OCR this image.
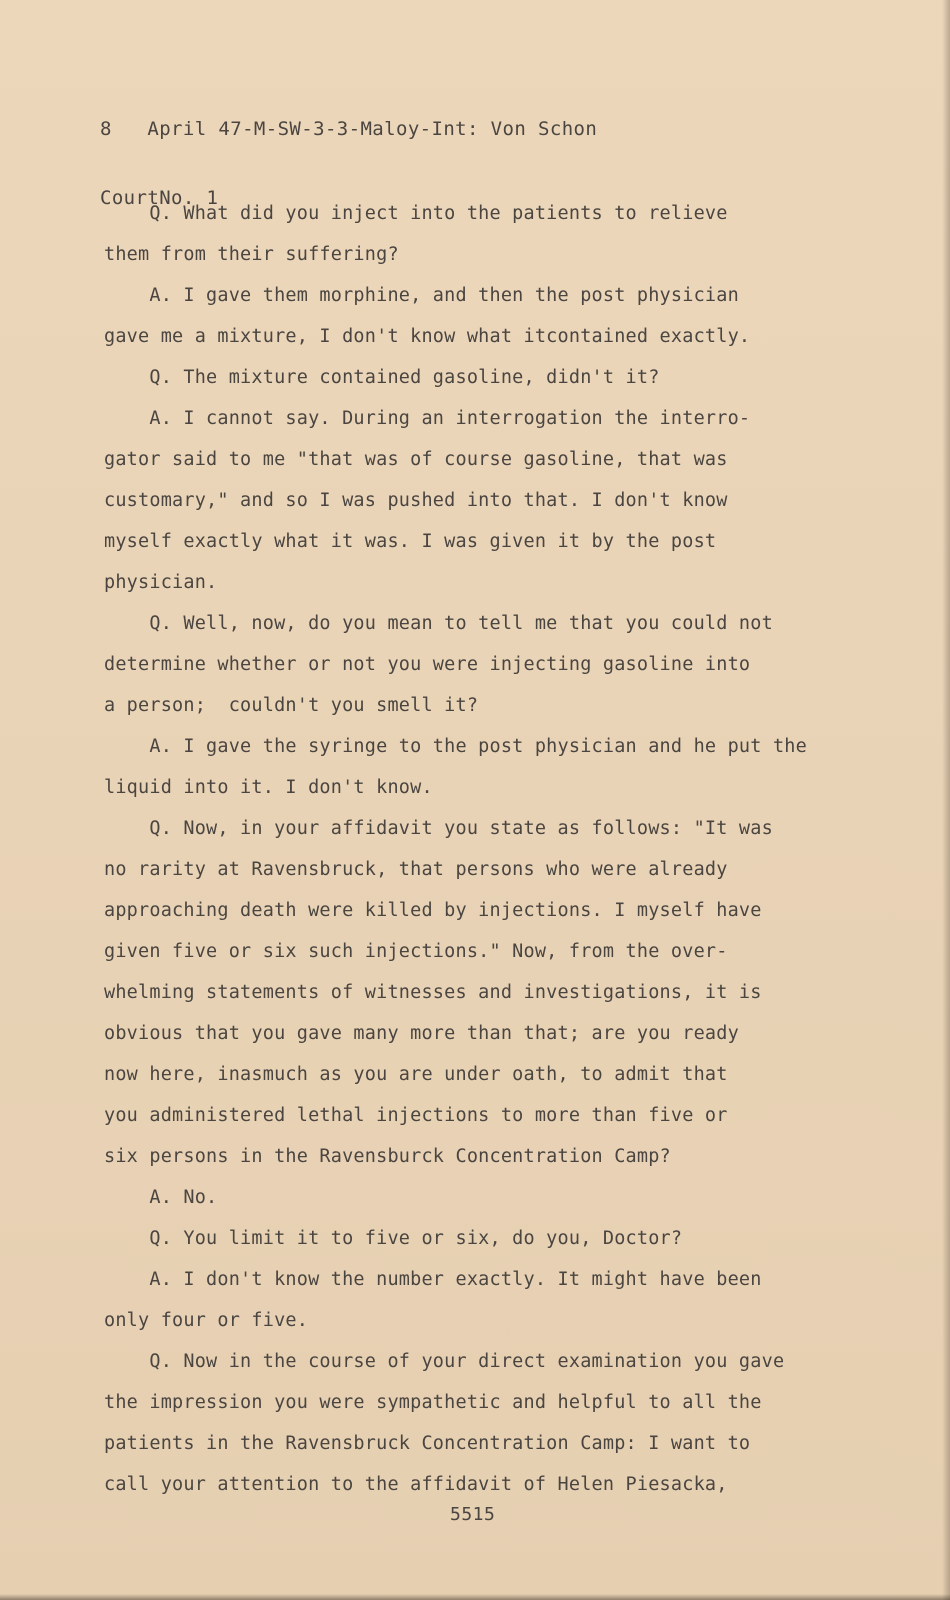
8   April 47-M-SW-3-3-Maloy-Int: Von Schon

CourtNo. 1

Q. What did you inject into the patients to relieve
them from their suffering?
A. I gave them morphine, and then the post physician
gave me a mixture, I don't know what itcontained exactly.
Q. The mixture contained gasoline, didn't it?
A. I cannot say. During an interrogation the interro-
gator said to me "that was of course gasoline, that was
customary," and so I was pushed into that. I don't know
myself exactly what it was. I was given it by the post
physician.
Q. Well, now, do you mean to tell me that you could not
determine whether or not you were injecting gasoline into
a person;  couldn't you smell it?
A. I gave the syringe to the post physician and he put the
liquid into it. I don't know.
Q. Now, in your affidavit you state as follows: "It was
no rarity at Ravensbruck, that persons who were already
approaching death were killed by injections. I myself have
given five or six such injections." Now, from the over-
whelming statements of witnesses and investigations, it is
obvious that you gave many more than that; are you ready
now here, inasmuch as you are under oath, to admit that
you administered lethal injections to more than five or
six persons in the Ravensburck Concentration Camp?
A. No.
Q. You limit it to five or six, do you, Doctor?
A. I don't know the number exactly. It might have been
only four or five.
Q. Now in the course of your direct examination you gave
the impression you were sympathetic and helpful to all the
patients in the Ravensbruck Concentration Camp: I want to
call your attention to the affidavit of Helen Piesacka,
5515
